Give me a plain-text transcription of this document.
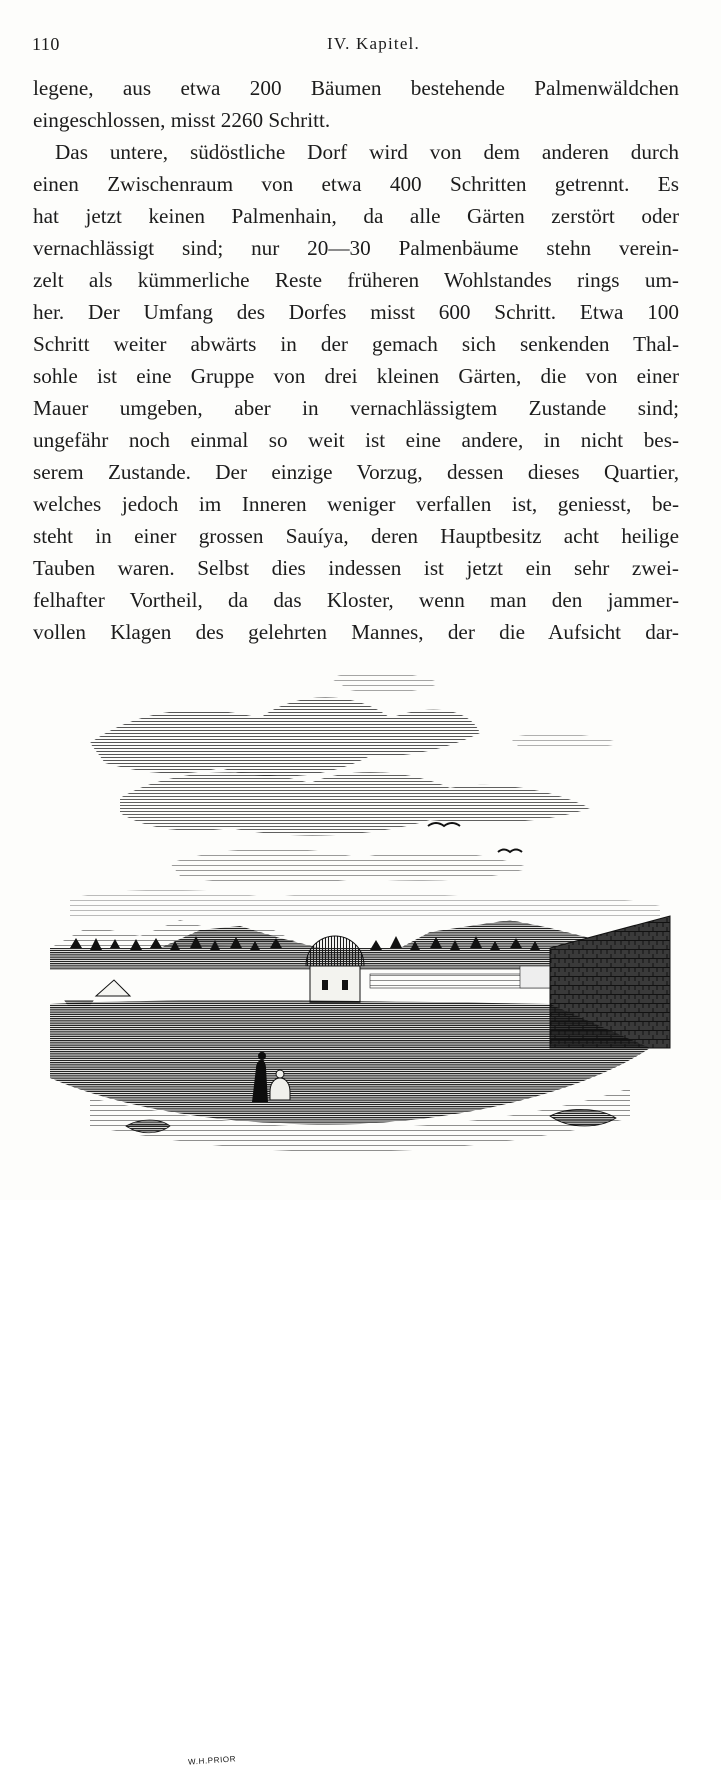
110	IV. Kapitel.
legene, aus etwa 200 Bäumen bestehende Palmenwäldchen
eingeschlossen, misst 2260 Schritt.
Das untere, südöstliche Dorf wird von dem anderen durch
einen Zwischenraum von etwa 400 Schritten getrennt. Es
hat jetzt keinen Palmenhain, da alle Gärten zerstört oder
vernachlässigt sind; nur 20—30 Palmenbäume stehn verein-
zelt als kümmerliche Reste früheren Wohlstandes rings um-
her. Der Umfang des Dorfes misst 600 Schritt. Etwa 100
Schritt weiter abwärts in der gemach sich senkenden Thal-
sohle ist eine Gruppe von drei kleinen Gärten, die von einer
Mauer umgeben, aber in vernachlässigtem Zustande sind;
ungefähr noch einmal so weit ist eine andere, in nicht bes-
serem Zustande. Der einzige Vorzug, dessen dieses Quartier,
welches jedoch im Inneren weniger verfallen ist, geniesst, be-
steht in einer grossen Sauíya, deren Hauptbesitz acht heilige
Tauben waren. Selbst dies indessen ist jetzt ein sehr zwei-
felhafter Vortheil, da das Kloster, wenn man den jammer-
vollen Klagen des gelehrten Mannes, der die Aufsicht dar-
W.H.PRIOR
